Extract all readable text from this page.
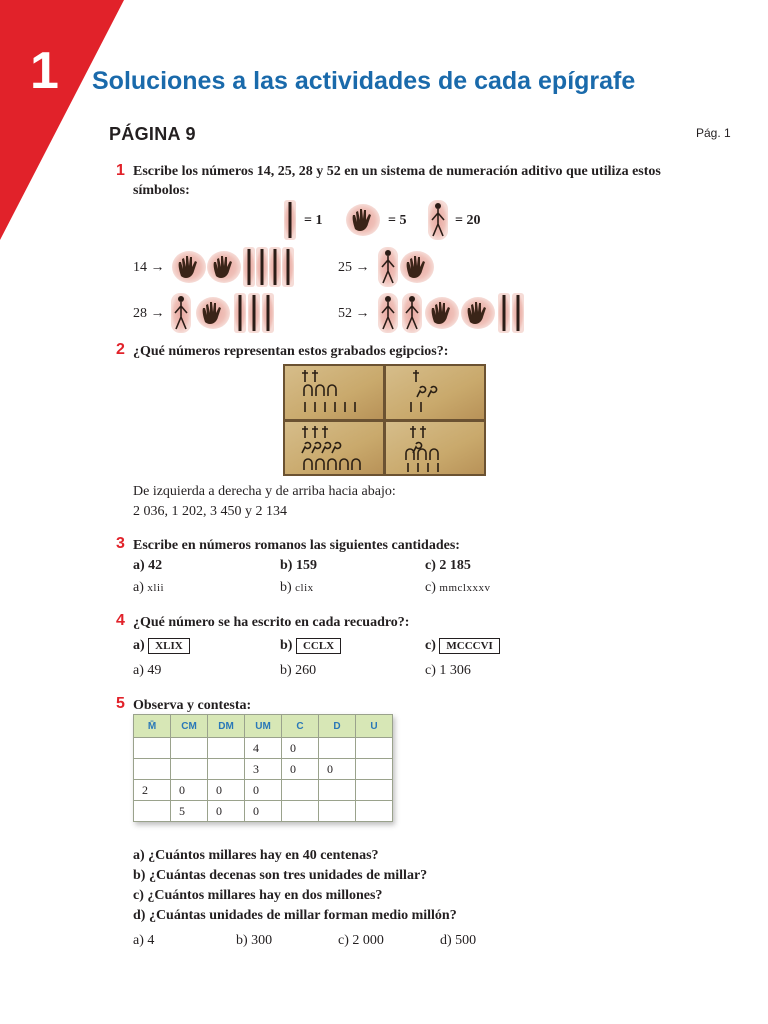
1 Soluciones a las actividades de cada epígrafe
PÁGINA 9	Pág. 1
1 Escribe los números 14, 25, 28 y 52 en un sistema de numeración aditivo que utiliza estos símbolos:
= 1	= 5	= 20
14 →	25 →
28 →	52 →
2 ¿Qué números representan estos grabados egipcios?:
De izquierda a derecha y de arriba hacia abajo:
2 036, 1 202, 3 450 y 2 134
3 Escribe en números romanos las siguientes cantidades:
a) 42	b) 159	c) 2 185
a) xlii	b) clix	c) mmclxxxv
4 ¿Qué número se ha escrito en cada recuadro?:
a) XLIX	b) CCLX	c) MCCCVI
a) 49	b) 260	c) 1 306
5 Observa y contesta:
M̄	CM	DM	UM	C	D	U
			4	0		
			3	0	0	
2	0	0	0			
	5	0	0			
a) ¿Cuántos millares hay en 40 centenas?
b) ¿Cuántas decenas son tres unidades de millar?
c) ¿Cuántos millares hay en dos millones?
d) ¿Cuántas unidades de millar forman medio millón?
a) 4	b) 300	c) 2 000	d) 500
